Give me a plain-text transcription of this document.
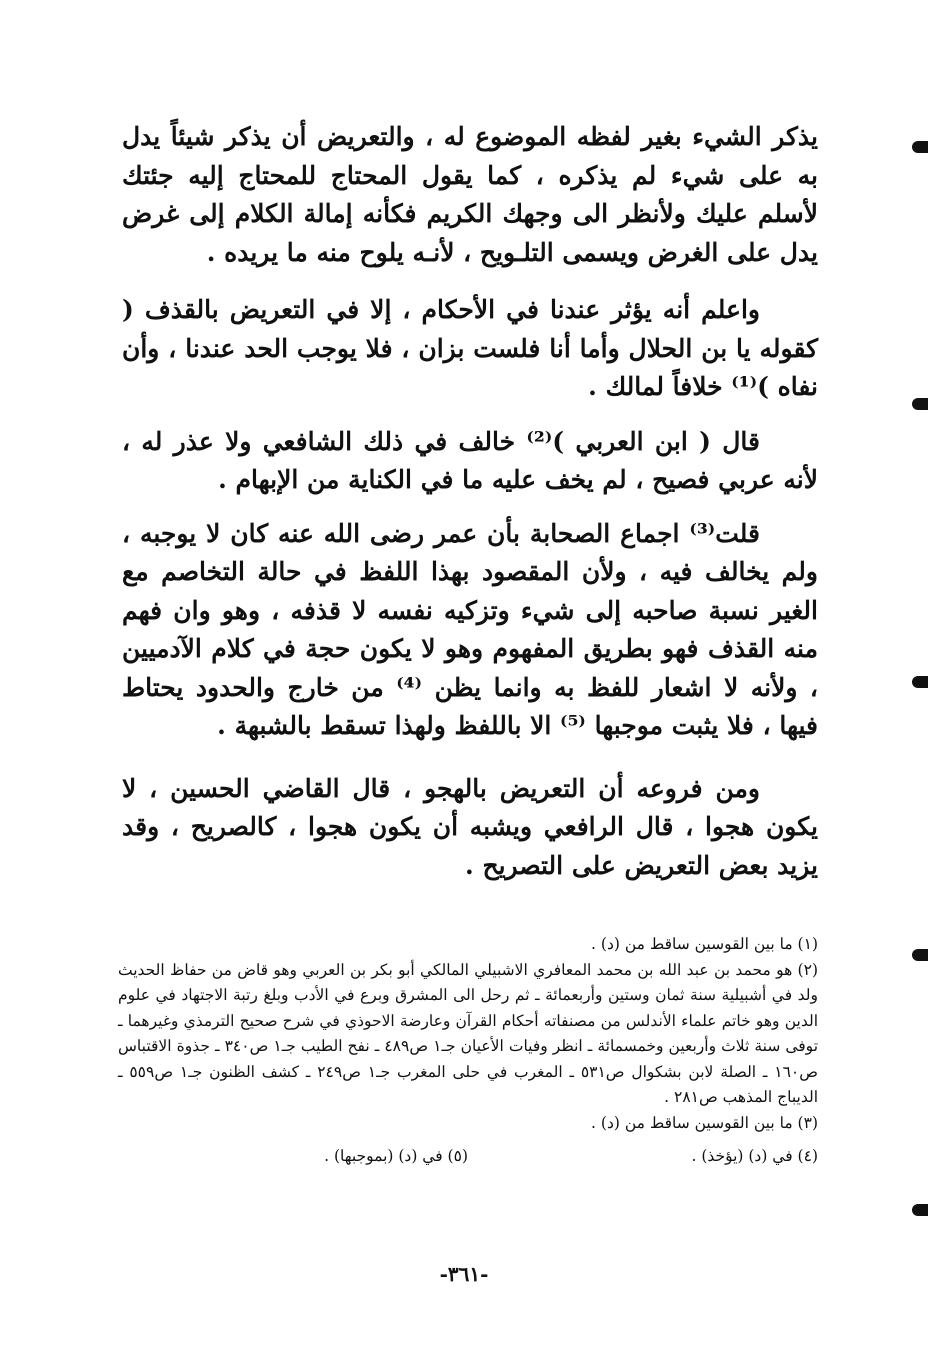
يذكر الشيء بغير لفظه الموضوع له ، والتعريض أن يذكر شيئاً يدل به على شيء لم يذكره ، كما يقول المحتاج للمحتاج إليه جئتك لأسلم عليك ولأنظر الى وجهك الكريم فكأنه إمالة الكلام إلى غرض يدل على الغرض ويسمى التلـويح ، لأنـه يلوح منه ما يريده .

واعلم أنه يؤثر عندنا في الأحكام ، إلا في التعريض بالقذف ( كقوله يا بن الحلال وأما أنا فلست بزان ، فلا يوجب الحد عندنا ، وأن نفاه )⁽¹⁾ خلافاً لمالك .

قال ( ابن العربي )⁽²⁾ خالف في ذلك الشافعي ولا عذر له ، لأنه عربي فصيح ، لم يخف عليه ما في الكناية من الإبهام .

قلت⁽³⁾ اجماع الصحابة بأن عمر رضى الله عنه كان لا يوجبه ، ولم يخالف فيه ، ولأن المقصود بهذا اللفظ في حالة التخاصم مع الغير نسبة صاحبه إلى شيء وتزكيه نفسه لا قذفه ، وهو وان فهم منه القذف فهو بطريق المفهوم وهو لا يكون حجة في كلام الآدميين ، ولأنه لا اشعار للفظ به وانما يظن ⁽⁴⁾ من خارج والحدود يحتاط فيها ، فلا يثبت موجبها ⁽⁵⁾ الا باللفظ ولهذا تسقط بالشبهة .

ومن فروعه أن التعريض بالهجو ، قال القاضي الحسين ، لا يكون هجوا ، قال الرافعي ويشبه أن يكون هجوا ، كالصريح ، وقد يزيد بعض التعريض على التصريح .

(١) ما بين القوسين ساقط من (د) .

(٢) هو محمد بن عبد الله بن محمد المعافري الاشبيلي المالكي أبو بكر بن العربي وهو قاض من حفاظ الحديث ولد في أشبيلية سنة ثمان وستين وأربعمائة ـ ثم رحل الى المشرق وبرع في الأدب وبلغ رتبة الاجتهاد في علوم الدين وهو خاتم علماء الأندلس من مصنفاته أحكام القرآن وعارضة الاحوذي في شرح صحيح الترمذي وغيرهما ـ توفى سنة ثلاث وأربعين وخمسمائة ـ انظر وفيات الأعيان جـ١ ص٤٨٩ ـ نفح الطيب جـ١ ص٣٤٠ ـ جذوة الاقتباس ص١٦٠ ـ الصلة لابن بشكوال ص٥٣١ ـ المغرب في حلى المغرب جـ١ ص٢٤٩ ـ كشف الظنون جـ١ ص٥٥٩ ـ الديباج المذهب ص٢٨١ .

(٣) ما بين القوسين ساقط من (د) .

(٤) في (د) (يؤخذ) .
(٥) في (د) (بموجبها) .
-٣٦١-
